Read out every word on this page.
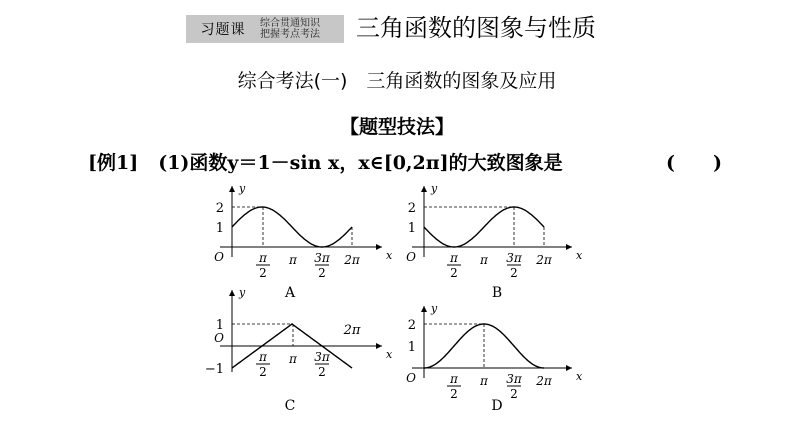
习题课	综合贯通知识
把握考点考法 三角函数的图象与性质
综合考法(一)　三角函数的图象及应用
【题型技法】
[例1] (1)函数y＝1－sin x，x∈[0,2π]的大致图象是	(　　)
x
y
2
1
O	π
2
π 3π
2
2π
A
x
y
2
1
O	π
2
π 3π
2
2π
B
x
y
1
−1
O
π
2
π 3π
2
2π
C
x
y
2
1
O	π
2
π 3π
2
2π
D
